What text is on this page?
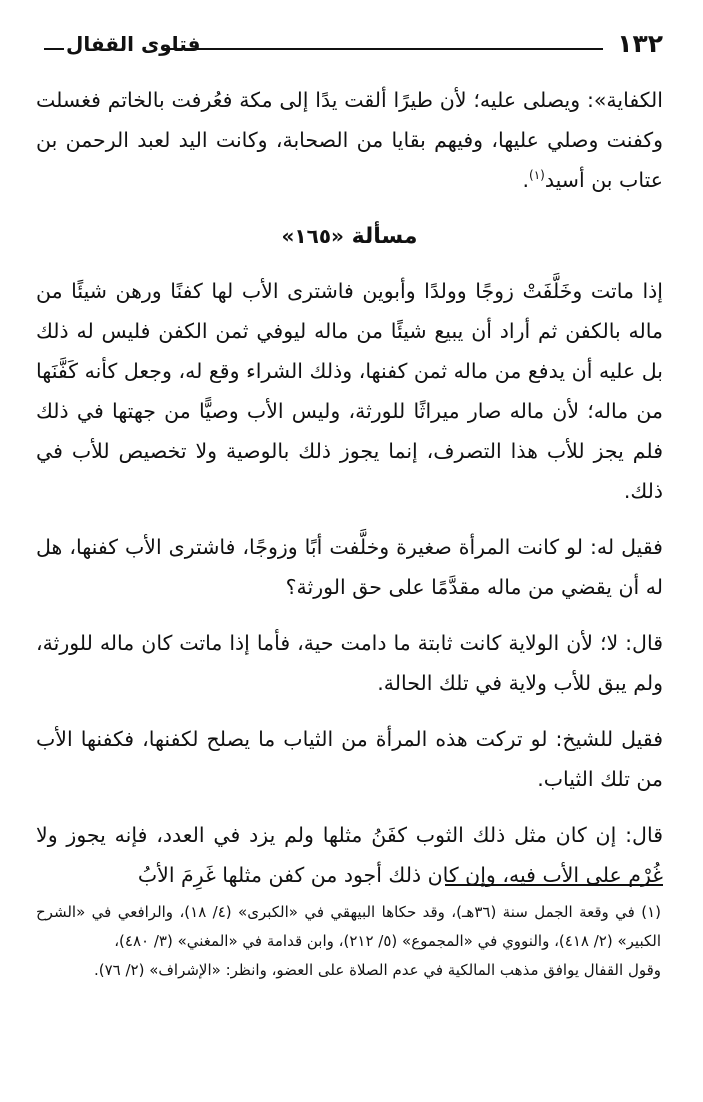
١٣٢
فتاوى القفال

الكفاية»: ويصلى عليه؛ لأن طيرًا ألقت يدًا إلى مكة فعُرفت بالخاتم فغسلت وكفنت وصلي عليها، وفيهم بقايا من الصحابة، وكانت اليد لعبد الرحمن بن عتاب بن أسيد$^{(١)}$.

مسألة «١٦٥»

إذا ماتت وخَلَّفَتْ زوجًا وولدًا وأبوين فاشترى الأب لها كفنًا ورهن شيئًا من ماله بالكفن ثم أراد أن يبيع شيئًا من ماله ليوفي ثمن الكفن فليس له ذلك بل عليه أن يدفع من ماله ثمن كفنها، وذلك الشراء وقع له، وجعل كأنه كَفَّنَها من ماله؛ لأن ماله صار ميراثًا للورثة، وليس الأب وصيًّا من جهتها في ذلك فلم يجز للأب هذا التصرف، إنما يجوز ذلك بالوصية ولا تخصيص للأب في ذلك.

فقيل له: لو كانت المرأة صغيرة وخلَّفت أبًا وزوجًا، فاشترى الأب كفنها، هل له أن يقضي من ماله مقدَّمًا على حق الورثة؟

قال: لا؛ لأن الولاية كانت ثابتة ما دامت حية، فأما إذا ماتت كان ماله للورثة، ولم يبق للأب ولاية في تلك الحالة.

فقيل للشيخ: لو تركت هذه المرأة من الثياب ما يصلح لكفنها، فكفنها الأب من تلك الثياب.

قال: إن كان مثل ذلك الثوب كفَنُ مثلها ولم يزد في العدد، فإنه يجوز ولا غُرْم على الأب فيه، وإن كان ذلك أجود من كفن مثلها غَرِمَ الأبُ

(١) في وقعة الجمل سنة (٣٦هـ)، وقد حكاها البيهقي في «الكبرى» (٤/ ١٨)، والرافعي في «الشرح الكبير» (٢/ ٤١٨)، والنووي في «المجموع» (٥/ ٢١٢)، وابن قدامة في «المغني» (٣/ ٤٨٠)،

وقول القفال يوافق مذهب المالكية في عدم الصلاة على العضو، وانظر: «الإشراف» (٢/ ٧٦).
